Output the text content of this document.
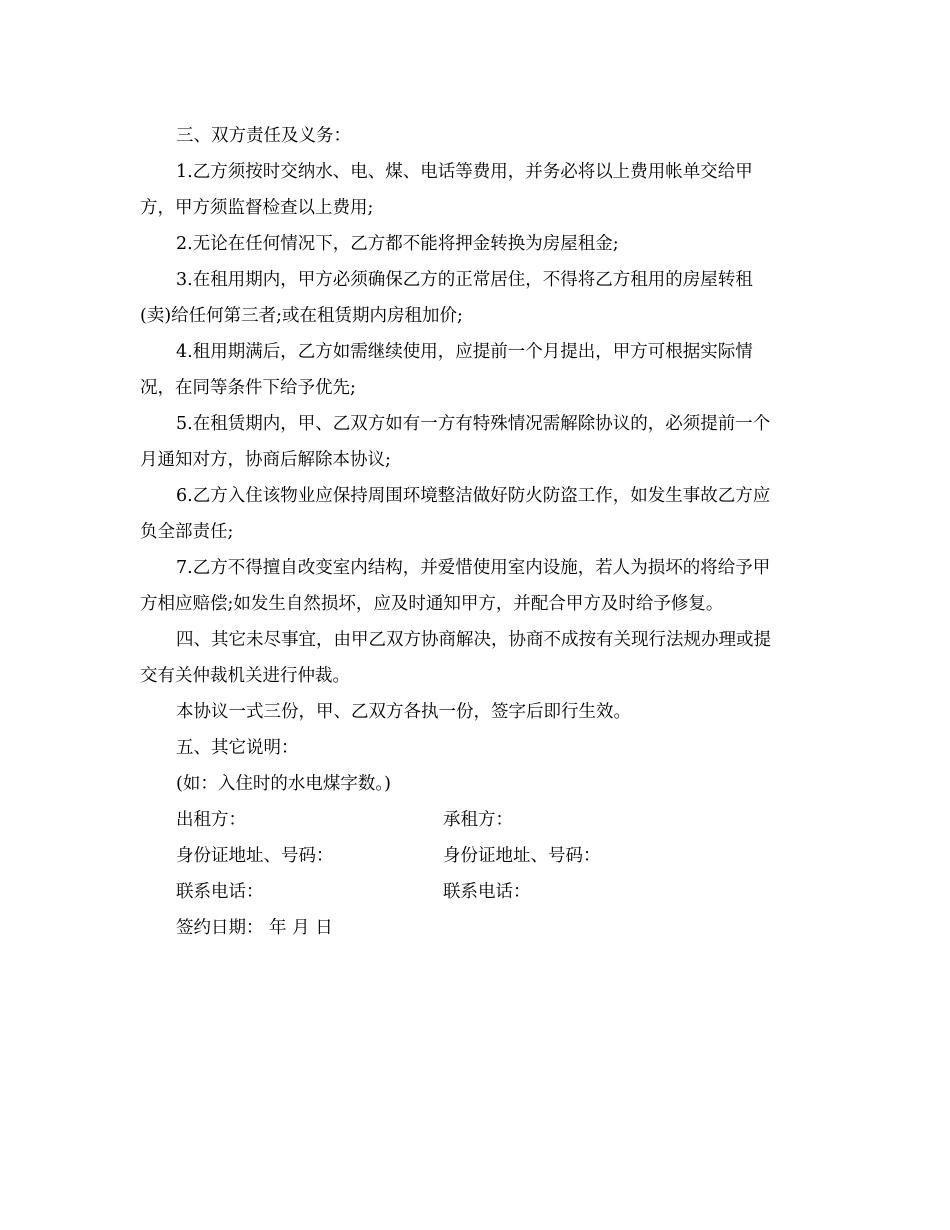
三、双方责任及义务：
1.乙方须按时交纳水、电、煤、电话等费用，并务必将以上费用帐单交给甲
方，甲方须监督检查以上费用;
2.无论在任何情况下，乙方都不能将押金转换为房屋租金;
3.在租用期内，甲方必须确保乙方的正常居住，不得将乙方租用的房屋转租
(卖)给任何第三者;或在租赁期内房租加价;
4.租用期满后，乙方如需继续使用，应提前一个月提出，甲方可根据实际情
况，在同等条件下给予优先;
5.在租赁期内，甲、乙双方如有一方有特殊情况需解除协议的，必须提前一个
月通知对方，协商后解除本协议;
6.乙方入住该物业应保持周围环境整洁做好防火防盗工作，如发生事故乙方应
负全部责任;
7.乙方不得擅自改变室内结构，并爱惜使用室内设施，若人为损坏的将给予甲
方相应赔偿;如发生自然损坏，应及时通知甲方，并配合甲方及时给予修复。
四、其它未尽事宜，由甲乙双方协商解决，协商不成按有关现行法规办理或提
交有关仲裁机关进行仲裁。
本协议一式三份，甲、乙双方各执一份，签字后即行生效。
五、其它说明：
(如：入住时的水电煤字数。)
出租方：	承租方：
身份证地址、号码：	身份证地址、号码：
联系电话：	联系电话：
签约日期： 年 月 日
